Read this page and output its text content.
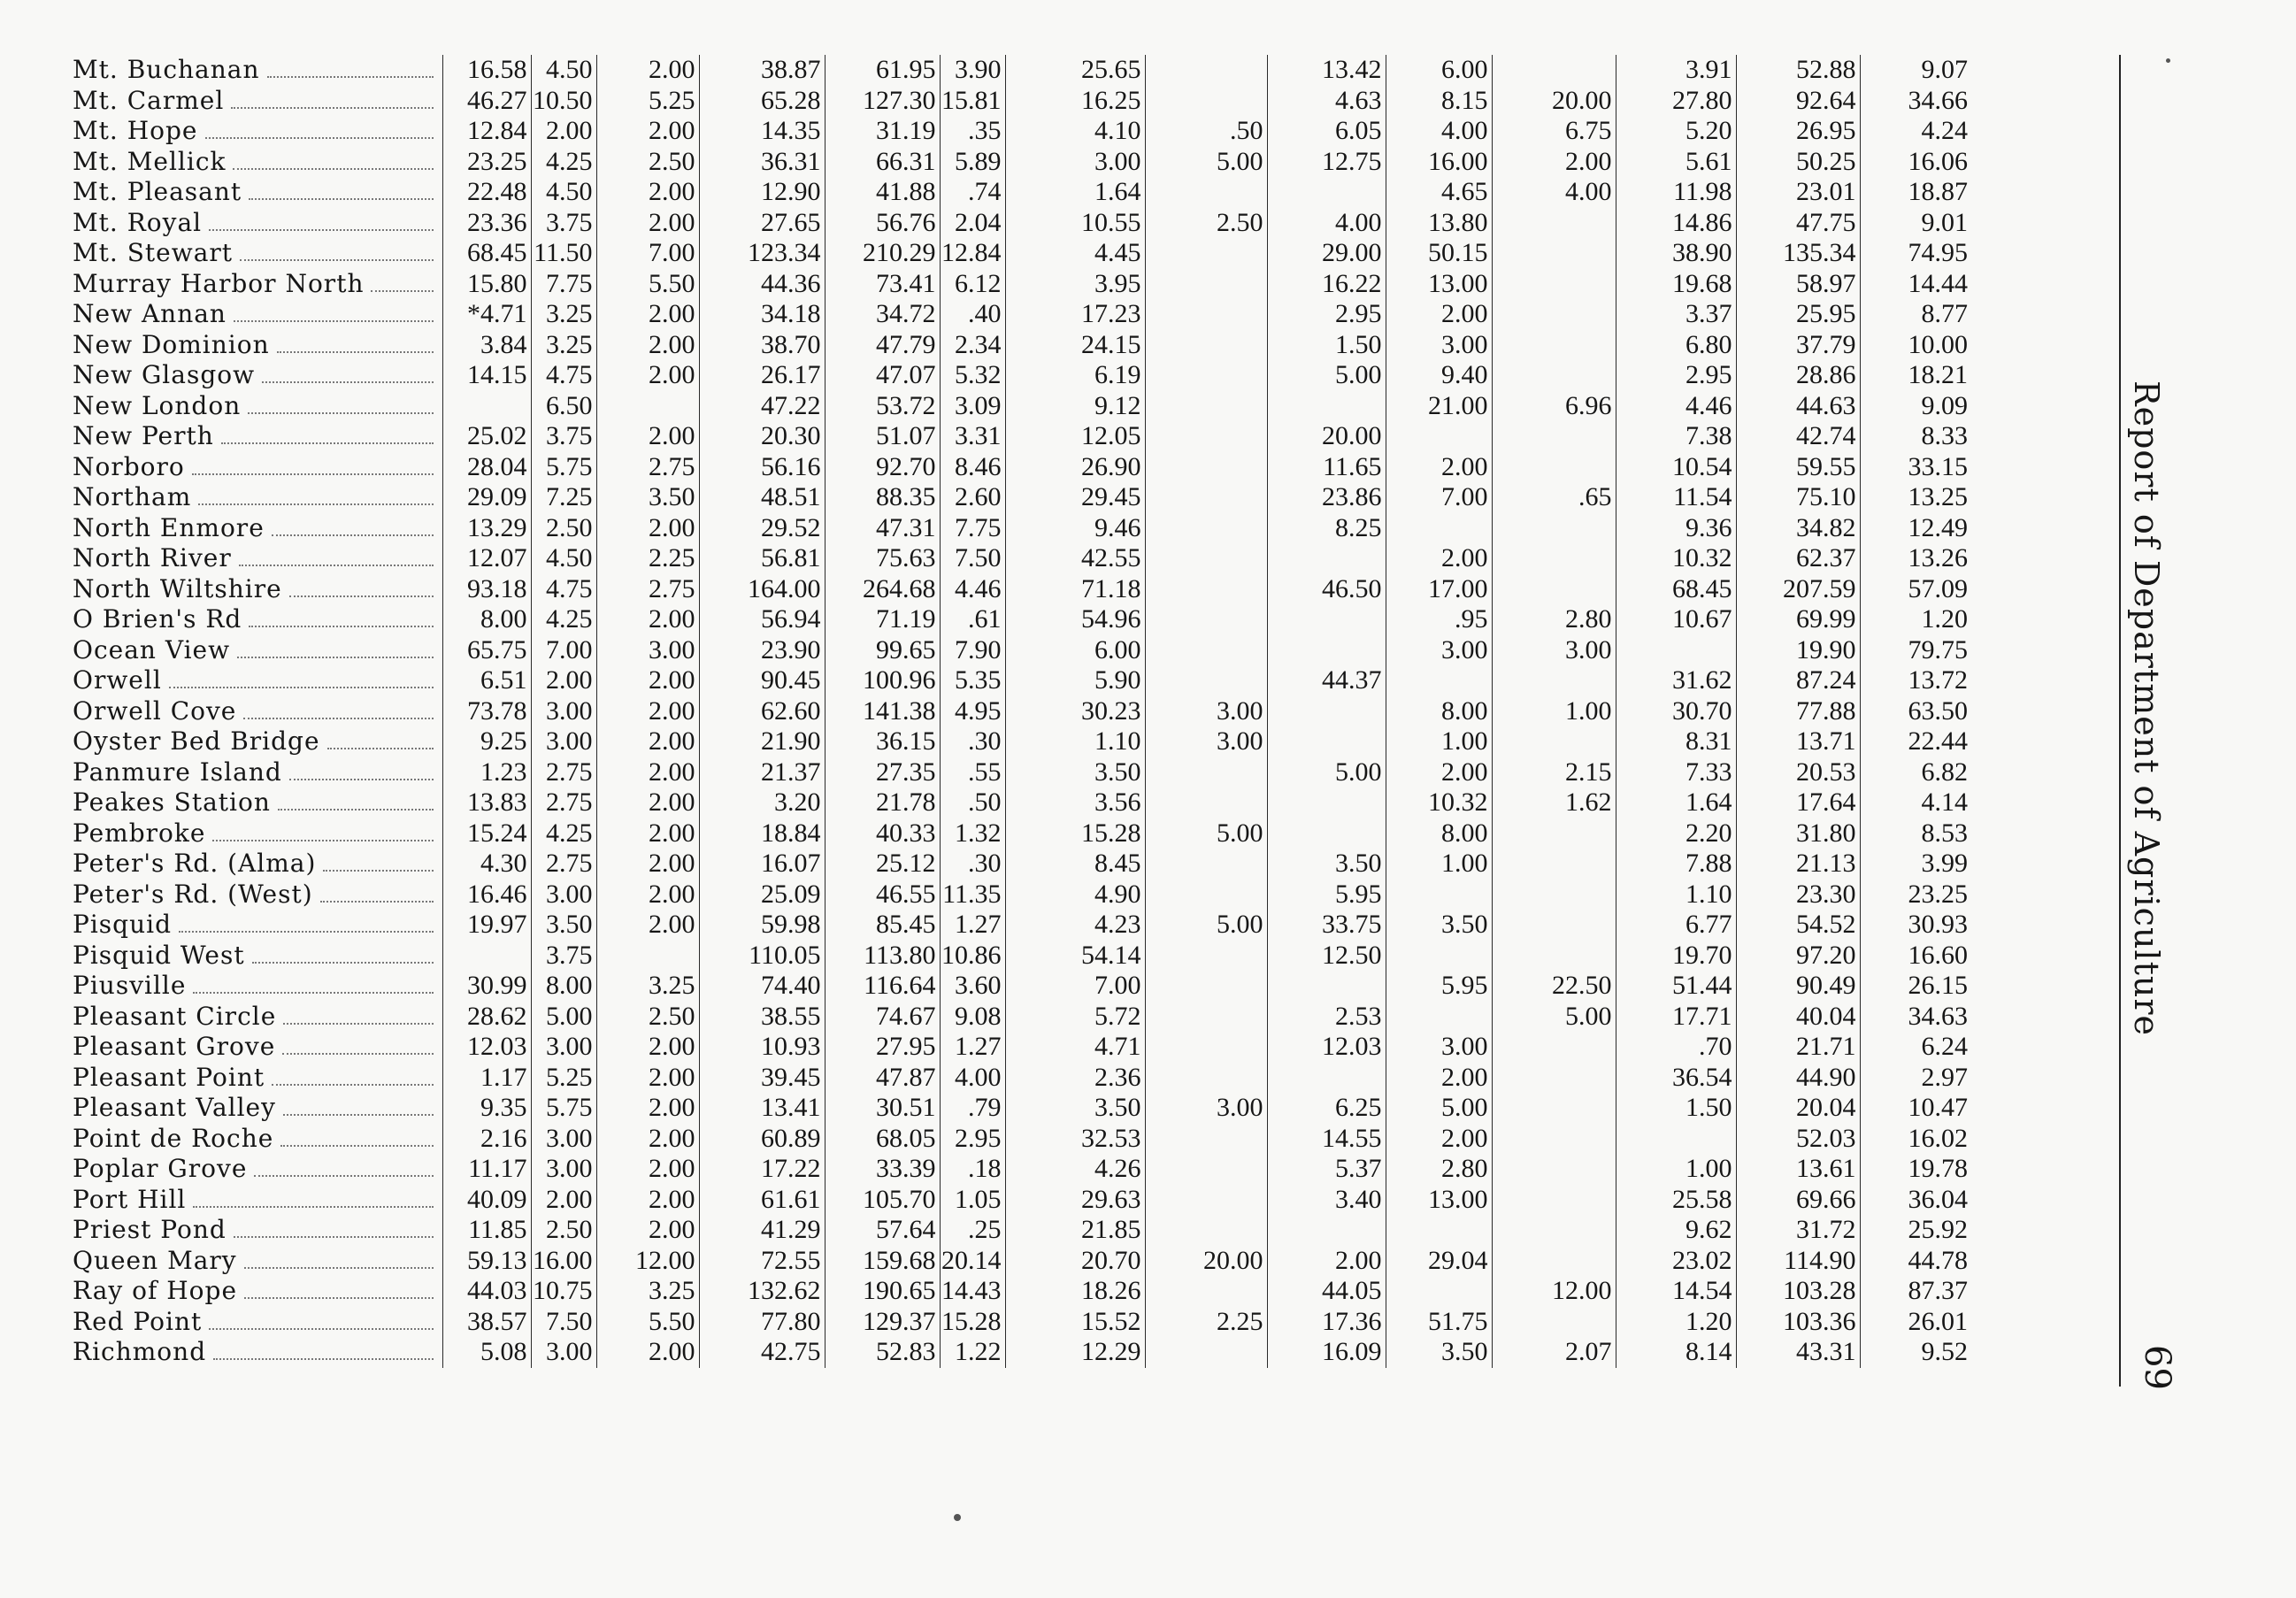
Mt. Buchanan	16.58	4.50	2.00	38.87	61.95	3.90	25.65		13.42	6.00		3.91	52.88	9.07

Mt. Carmel	46.27	10.50	5.25	65.28	127.30	15.81	16.25		4.63	8.15	20.00	27.80	92.64	34.66

Mt. Hope	12.84	2.00	2.00	14.35	31.19	.35	4.10	.50	6.05	4.00	6.75	5.20	26.95	4.24

Mt. Mellick	23.25	4.25	2.50	36.31	66.31	5.89	3.00	5.00	12.75	16.00	2.00	5.61	50.25	16.06

Mt. Pleasant	22.48	4.50	2.00	12.90	41.88	.74	1.64			4.65	4.00	11.98	23.01	18.87

Mt. Royal	23.36	3.75	2.00	27.65	56.76	2.04	10.55	2.50	4.00	13.80		14.86	47.75	9.01

Mt. Stewart	68.45	11.50	7.00	123.34	210.29	12.84	4.45		29.00	50.15		38.90	135.34	74.95

Murray Harbor North	15.80	7.75	5.50	44.36	73.41	6.12	3.95		16.22	13.00		19.68	58.97	14.44

New Annan	*4.71	3.25	2.00	34.18	34.72	.40	17.23		2.95	2.00		3.37	25.95	8.77

New Dominion	3.84	3.25	2.00	38.70	47.79	2.34	24.15		1.50	3.00		6.80	37.79	10.00

New Glasgow	14.15	4.75	2.00	26.17	47.07	5.32	6.19		5.00	9.40		2.95	28.86	18.21

New London		6.50		47.22	53.72	3.09	9.12			21.00	6.96	4.46	44.63	9.09

New Perth	25.02	3.75	2.00	20.30	51.07	3.31	12.05		20.00			7.38	42.74	8.33

Norboro	28.04	5.75	2.75	56.16	92.70	8.46	26.90		11.65	2.00		10.54	59.55	33.15

Northam	29.09	7.25	3.50	48.51	88.35	2.60	29.45		23.86	7.00	.65	11.54	75.10	13.25

North Enmore	13.29	2.50	2.00	29.52	47.31	7.75	9.46		8.25			9.36	34.82	12.49

North River	12.07	4.50	2.25	56.81	75.63	7.50	42.55			2.00		10.32	62.37	13.26

North Wiltshire	93.18	4.75	2.75	164.00	264.68	4.46	71.18		46.50	17.00		68.45	207.59	57.09

O Brien's Rd	8.00	4.25	2.00	56.94	71.19	.61	54.96			.95	2.80	10.67	69.99	1.20

Ocean View	65.75	7.00	3.00	23.90	99.65	7.90	6.00			3.00	3.00		19.90	79.75

Orwell	6.51	2.00	2.00	90.45	100.96	5.35	5.90		44.37			31.62	87.24	13.72

Orwell Cove	73.78	3.00	2.00	62.60	141.38	4.95	30.23	3.00		8.00	1.00	30.70	77.88	63.50

Oyster Bed Bridge	9.25	3.00	2.00	21.90	36.15	.30	1.10	3.00		1.00		8.31	13.71	22.44

Panmure Island	1.23	2.75	2.00	21.37	27.35	.55	3.50		5.00	2.00	2.15	7.33	20.53	6.82

Peakes Station	13.83	2.75	2.00	3.20	21.78	.50	3.56			10.32	1.62	1.64	17.64	4.14

Pembroke	15.24	4.25	2.00	18.84	40.33	1.32	15.28	5.00		8.00		2.20	31.80	8.53

Peter's Rd. (Alma)	4.30	2.75	2.00	16.07	25.12	.30	8.45		3.50	1.00		7.88	21.13	3.99

Peter's Rd. (West)	16.46	3.00	2.00	25.09	46.55	11.35	4.90		5.95			1.10	23.30	23.25

Pisquid	19.97	3.50	2.00	59.98	85.45	1.27	4.23	5.00	33.75	3.50		6.77	54.52	30.93

Pisquid West		3.75		110.05	113.80	10.86	54.14		12.50			19.70	97.20	16.60

Piusville	30.99	8.00	3.25	74.40	116.64	3.60	7.00			5.95	22.50	51.44	90.49	26.15

Pleasant Circle	28.62	5.00	2.50	38.55	74.67	9.08	5.72		2.53		5.00	17.71	40.04	34.63

Pleasant Grove	12.03	3.00	2.00	10.93	27.95	1.27	4.71		12.03	3.00		.70	21.71	6.24

Pleasant Point	1.17	5.25	2.00	39.45	47.87	4.00	2.36			2.00		36.54	44.90	2.97

Pleasant Valley	9.35	5.75	2.00	13.41	30.51	.79	3.50	3.00	6.25	5.00		1.50	20.04	10.47

Point de Roche	2.16	3.00	2.00	60.89	68.05	2.95	32.53		14.55	2.00			52.03	16.02

Poplar Grove	11.17	3.00	2.00	17.22	33.39	.18	4.26		5.37	2.80		1.00	13.61	19.78

Port Hill	40.09	2.00	2.00	61.61	105.70	1.05	29.63		3.40	13.00		25.58	69.66	36.04

Priest Pond	11.85	2.50	2.00	41.29	57.64	.25	21.85					9.62	31.72	25.92

Queen Mary	59.13	16.00	12.00	72.55	159.68	20.14	20.70	20.00	2.00	29.04		23.02	114.90	44.78

Ray of Hope	44.03	10.75	3.25	132.62	190.65	14.43	18.26		44.05		12.00	14.54	103.28	87.37

Red Point	38.57	7.50	5.50	77.80	129.37	15.28	15.52	2.25	17.36	51.75		1.20	103.36	26.01

Richmond	5.08	3.00	2.00	42.75	52.83	1.22	12.29		16.09	3.50	2.07	8.14	43.31	9.52
Report of Department of Agriculture
69
